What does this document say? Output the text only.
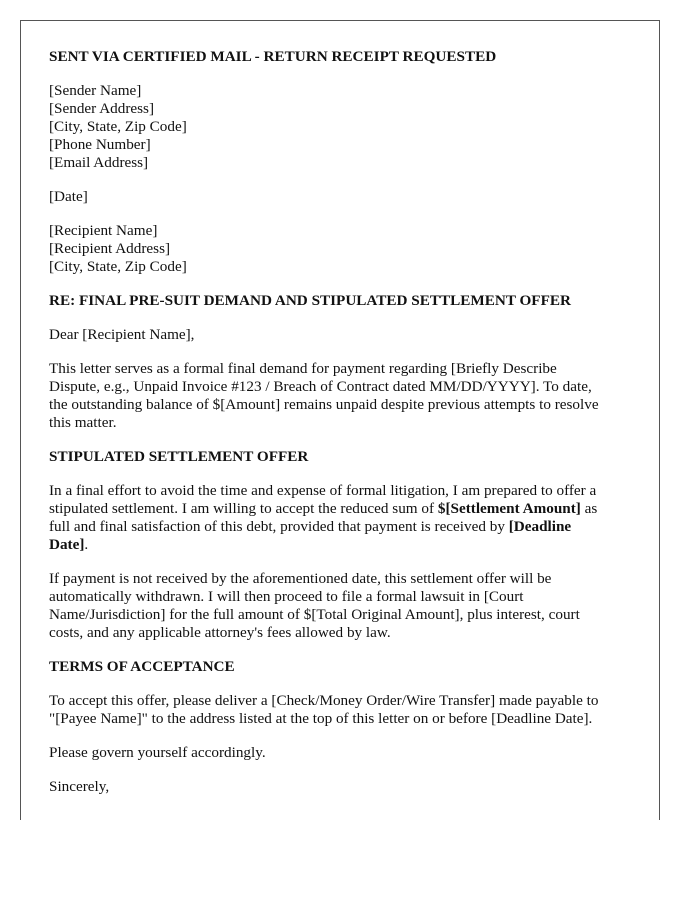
SENT VIA CERTIFIED MAIL - RETURN RECEIPT REQUESTED
[Sender Name]
[Sender Address]
[City, State, Zip Code]
[Phone Number]
[Email Address]
[Date]
[Recipient Name]
[Recipient Address]
[City, State, Zip Code]
RE: FINAL PRE-SUIT DEMAND AND STIPULATED SETTLEMENT OFFER
Dear [Recipient Name],
This letter serves as a formal final demand for payment regarding [Briefly Describe
Dispute, e.g., Unpaid Invoice #123 / Breach of Contract dated MM/DD/YYYY]. To date,
the outstanding balance of $[Amount] remains unpaid despite previous attempts to resolve
this matter.
STIPULATED SETTLEMENT OFFER
In a final effort to avoid the time and expense of formal litigation, I am prepared to offer a
stipulated settlement. I am willing to accept the reduced sum of $[Settlement Amount] as
full and final satisfaction of this debt, provided that payment is received by [Deadline
Date].
If payment is not received by the aforementioned date, this settlement offer will be
automatically withdrawn. I will then proceed to file a formal lawsuit in [Court
Name/Jurisdiction] for the full amount of $[Total Original Amount], plus interest, court
costs, and any applicable attorney's fees allowed by law.
TERMS OF ACCEPTANCE
To accept this offer, please deliver a [Check/Money Order/Wire Transfer] made payable to
"[Payee Name]" to the address listed at the top of this letter on or before [Deadline Date].
Please govern yourself accordingly.
Sincerely,
